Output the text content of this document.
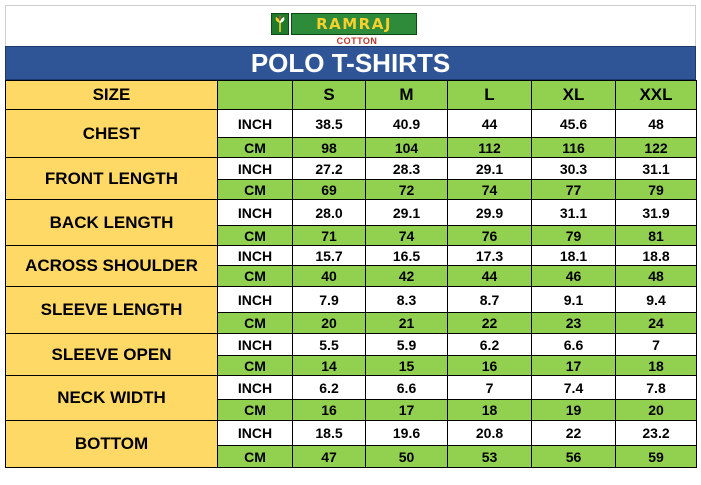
RAMRAJ
COTTON
POLO T-SHIRTS
SIZE		S	M	L	XL	XXL
CHEST	INCH	38.5	40.9	44	45.6	48
	CM	98	104	112	116	122
FRONT LENGTH	INCH	27.2	28.3	29.1	30.3	31.1
	CM	69	72	74	77	79
BACK LENGTH	INCH	28.0	29.1	29.9	31.1	31.9
	CM	71	74	76	79	81
ACROSS SHOULDER	INCH	15.7	16.5	17.3	18.1	18.8
	CM	40	42	44	46	48
SLEEVE LENGTH	INCH	7.9	8.3	8.7	9.1	9.4
	CM	20	21	22	23	24
SLEEVE OPEN	INCH	5.5	5.9	6.2	6.6	7
	CM	14	15	16	17	18
NECK WIDTH	INCH	6.2	6.6	7	7.4	7.8
	CM	16	17	18	19	20
BOTTOM	INCH	18.5	19.6	20.8	22	23.2
	CM	47	50	53	56	59
